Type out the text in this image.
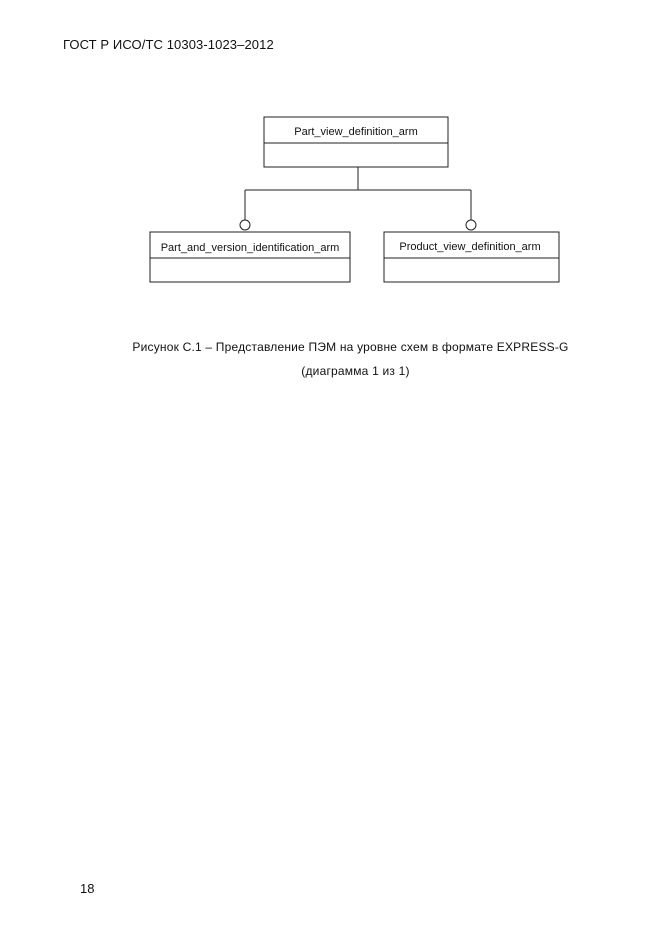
ГОСТ Р ИСО/ТС 10303-1023–2012
Part_view_definition_arm
Part_and_version_identification_arm	Product_view_definition_arm
Рисунок С.1 – Представление ПЭМ на уровне схем в формате EXPRESS-G
(диаграмма 1 из 1)
18
